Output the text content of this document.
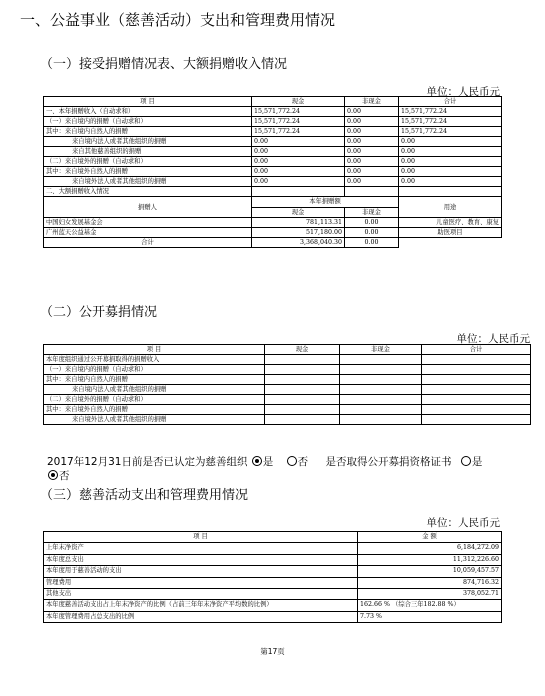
一、公益事业（慈善活动）支出和管理费用情况
（一）接受捐赠情况表、大额捐赠收入情况
单位：人民币元
项 目	现金	非现金	合计
一、本年捐赠收入（自动求和）	15,571,772.24	0.00	15,571,772.24
（一）来自境内的捐赠（自动求和）	15,571,772.24	0.00	15,571,772.24
其中：来自境内自然人的捐赠	15,571,772.24	0.00	15,571,772.24
来自境内法人或者其他组织的捐赠	0.00	0.00	0.00
来自其他慈善组织的捐赠	0.00	0.00	0.00
（二）来自境外的捐赠（自动求和）	0.00	0.00	0.00
其中：来自境外自然人的捐赠	0.00	0.00	0.00
来自境外法人或者其他组织的捐赠	0.00	0.00	0.00
二、大额捐赠收入情况			
捐赠人	本年捐赠额		用途
	现金	非现金	
中国妇女发展基金会	781,113.31	0.00	儿童医疗、教育、康复
广州蓝天公益基金	517,180.00	0.00	助医项目
合计	3,368,040.30	0.00	
（二）公开募捐情况
单位：人民币元
项 目	现金	非现金	合计
本年度组织通过公开募捐取得的捐赠收入			
（一）来自境内的捐赠（自动求和）			
其中：来自境内自然人的捐赠			
来自境内法人或者其他组织的捐赠			
（二）来自境外的捐赠（自动求和）			
其中：来自境外自然人的捐赠			
来自境外法人或者其他组织的捐赠			
2017年12月31日前是否已认定为慈善组织 是 否 是否取得公开募捐资格证书 是
否
（三）慈善活动支出和管理费用情况
单位：人民币元
项 目	金 额
上年末净资产	6,184,272.09
本年度总支出	11,312,226.60
本年度用于慈善活动的支出	10,059,457.57
管理费用	874,716.32
其他支出	378,052.71
本年度慈善活动支出占上年末净资产的比例（占前三年年末净资产平均数的比例）	162.66 % （综合三年182.88 %）
本年度管理费用占总支出的比例	7.73 %
第17页
